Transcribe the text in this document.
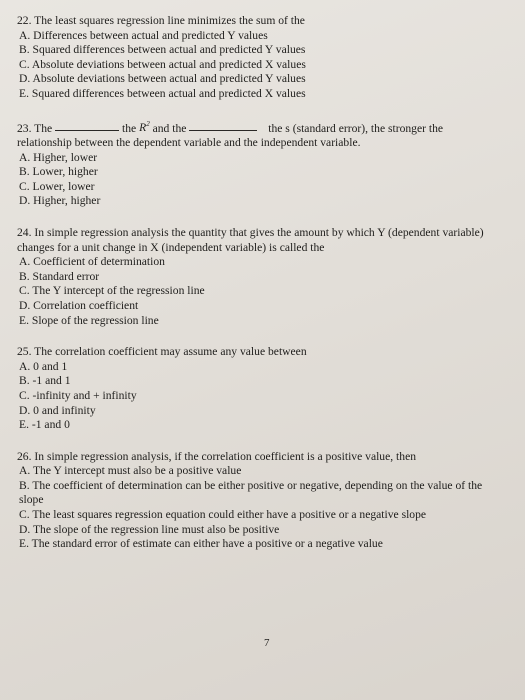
22. The least squares regression line minimizes the sum of the
A. Differences between actual and predicted Y values
B. Squared differences between actual and predicted Y values
C. Absolute deviations between actual and predicted X values
D. Absolute deviations between actual and predicted Y values
E. Squared differences between actual and predicted X values
23. The	the $R^2$ and the	the s (standard error), the stronger the
relationship between the dependent variable and the independent variable.
A. Higher, lower
B. Lower, higher
C. Lower, lower
D. Higher, higher
24. In simple regression analysis the quantity that gives the amount by which Y (dependent variable) changes for a unit change in X (independent variable) is called the
A. Coefficient of determination
B. Standard error
C. The Y intercept of the regression line
D. Correlation coefficient
E. Slope of the regression line
25. The correlation coefficient may assume any value between
A. 0 and 1
B. -1 and 1
C. -infinity and + infinity
D. 0 and infinity
E. -1 and 0
26. In simple regression analysis, if the correlation coefficient is a positive value, then
A. The Y intercept must also be a positive value
B. The coefficient of determination can be either positive or negative, depending on the value of the slope
C. The least squares regression equation could either have a positive or a negative slope
D. The slope of the regression line must also be positive
E. The standard error of estimate can either have a positive or a negative value
7
